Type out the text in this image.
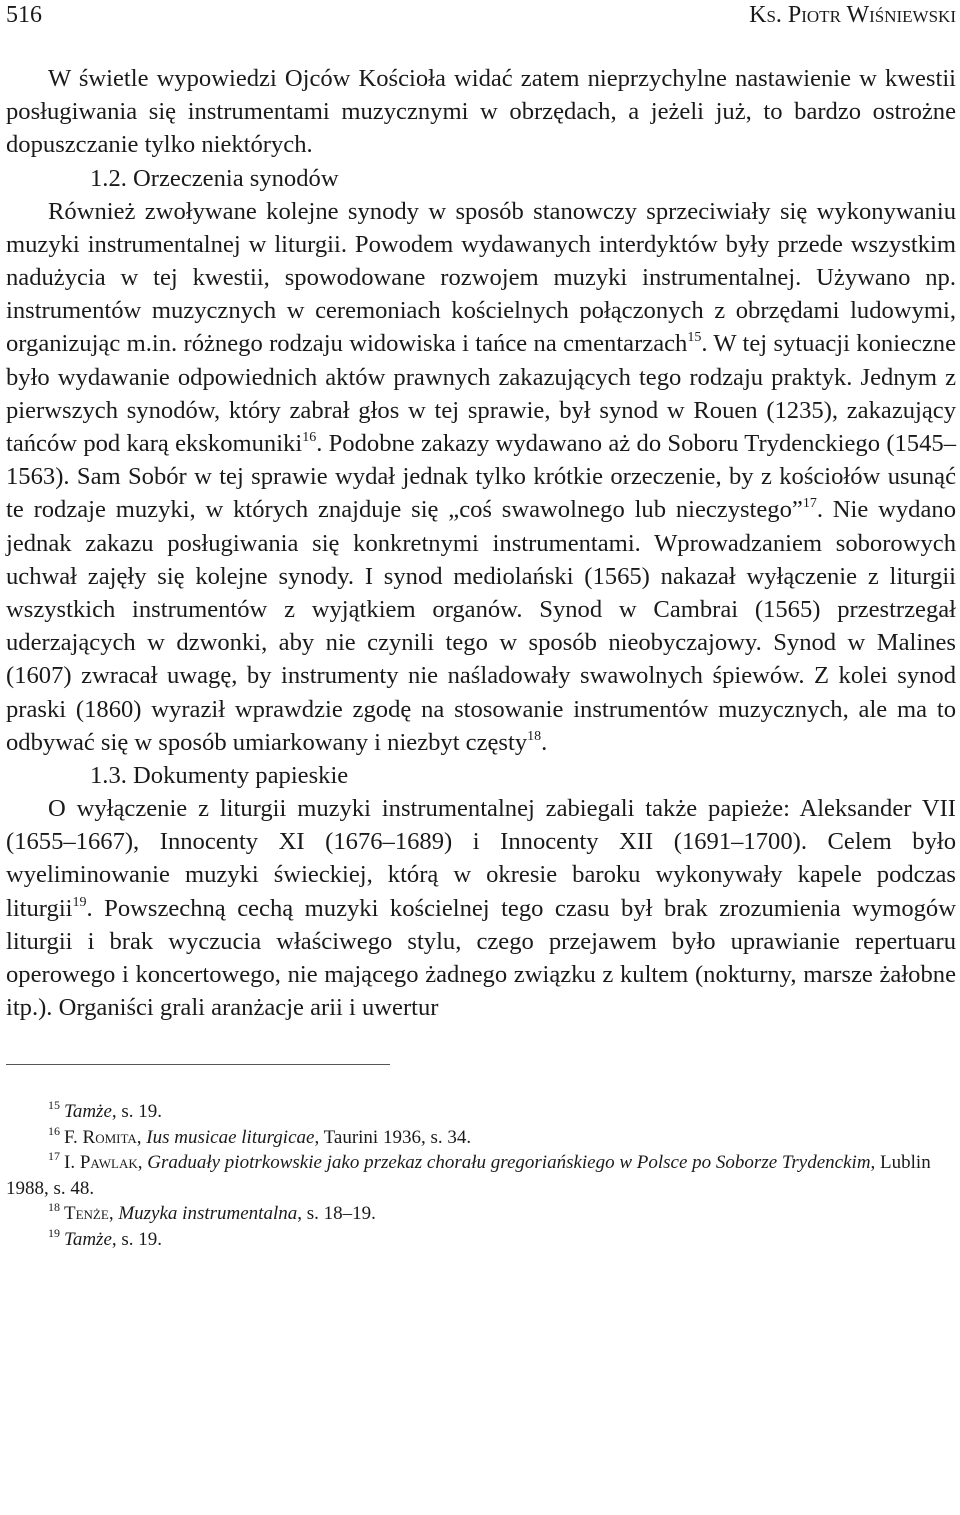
516	Ks. Piotr Wiśniewski

W świetle wypowiedzi Ojców Kościoła widać zatem nieprzychylne nastawienie w kwestii posługiwania się instrumentami muzycznymi w obrzędach, a jeżeli już, to bardzo ostrożne dopuszczanie tylko niektórych.

1.2. Orzeczenia synodów

Również zwoływane kolejne synody w sposób stanowczy sprzeciwiały się wykonywaniu muzyki instrumentalnej w liturgii. Powodem wydawanych interdyktów były przede wszystkim nadużycia w tej kwestii, spowodowane rozwojem muzyki instrumentalnej. Używano np. instrumentów muzycznych w ceremoniach kościelnych połączonych z obrzędami ludowymi, organizując m.in. różnego rodzaju widowiska i tańce na cmentarzach$^{15}$. W tej sytuacji konieczne było wydawanie odpowiednich aktów prawnych zakazujących tego rodzaju praktyk. Jednym z pierwszych synodów, który zabrał głos w tej sprawie, był synod w Rouen (1235), zakazujący tańców pod karą ekskomuniki$^{16}$. Podobne zakazy wydawano aż do Soboru Trydenckiego (1545–1563). Sam Sobór w tej sprawie wydał jednak tylko krótkie orzeczenie, by z kościołów usunąć te rodzaje muzyki, w których znajduje się „coś swawolnego lub nieczystego”$^{17}$. Nie wydano jednak zakazu posługiwania się konkretnymi instrumentami. Wprowadzaniem soborowych uchwał zajęły się kolejne synody. I synod mediolański (1565) nakazał wyłączenie z liturgii wszystkich instrumentów z wyjątkiem organów. Synod w Cambrai (1565) przestrzegał uderzających w dzwonki, aby nie czynili tego w sposób nieobyczajowy. Synod w Malines (1607) zwracał uwagę, by instrumenty nie naśladowały swawolnych śpiewów. Z kolei synod praski (1860) wyraził wprawdzie zgodę na stosowanie instrumentów muzycznych, ale ma to odbywać się w sposób umiarkowany i niezbyt częsty$^{18}$.

1.3. Dokumenty papieskie

O wyłączenie z liturgii muzyki instrumentalnej zabiegali także papieże: Aleksander VII (1655–1667), Innocenty XI (1676–1689) i Innocenty XII (1691–1700). Celem było wyeliminowanie muzyki świeckiej, którą w okresie baroku wykonywały kapele podczas liturgii$^{19}$. Powszechną cechą muzyki kościelnej tego czasu był brak zrozumienia wymogów liturgii i brak wyczucia właściwego stylu, czego przejawem było uprawianie repertuaru operowego i koncertowego, nie mającego żadnego związku z kultem (nokturny, marsze żałobne itp.). Organiści grali aranżacje arii i uwertur

$^{15}$ Tamże, s. 19.

$^{16}$ F. Romita, Ius musicae liturgicae, Taurini 1936, s. 34.

$^{17}$ I. Pawlak, Graduały piotrkowskie jako przekaz chorału gregoriańskiego w Polsce po Soborze Trydenckim, Lublin 1988, s. 48.

$^{18}$ Tenże, Muzyka instrumentalna, s. 18–19.

$^{19}$ Tamże, s. 19.
